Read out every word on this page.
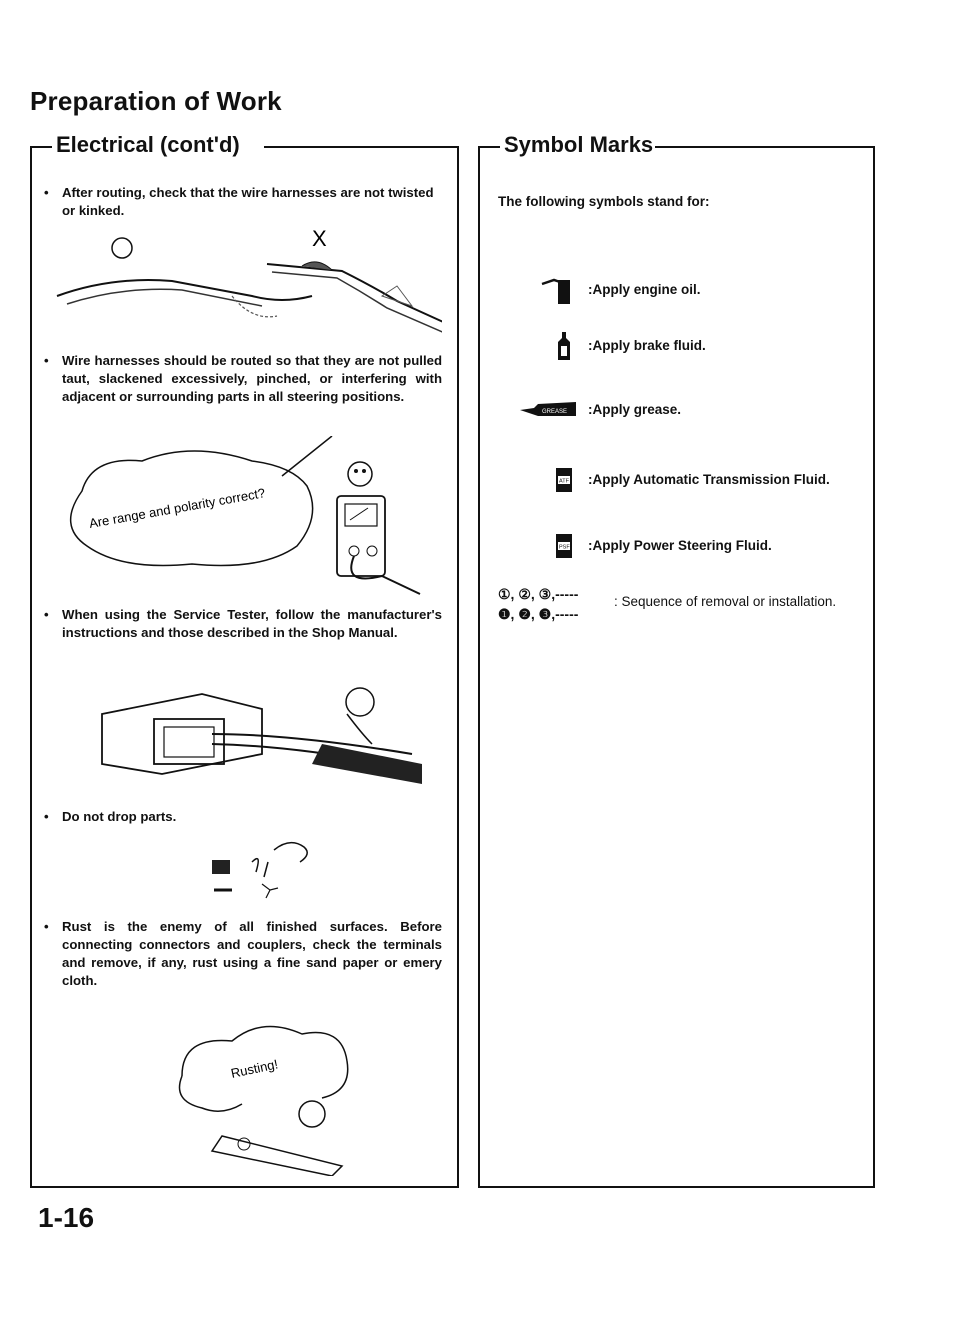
Preparation of Work
Electrical (cont'd)
• After routing, check that the wire harnesses are not twisted or kinked.
X
• Wire harnesses should be routed so that they are not pulled taut, slackened excessively, pinched, or interfering with adjacent or surrounding parts in all steering positions.
Are range and polarity correct?
• When using the Service Tester, follow the manufacturer's instructions and those described in the Shop Manual.
• Do not drop parts.
• Rust is the enemy of all finished surfaces. Before connecting connectors and couplers, check the terminals and remove, if any, rust using a fine sand paper or emery cloth.
Rusting!
Symbol Marks
The following symbols stand for:
:Apply engine oil.
:Apply brake fluid.
GREASE :Apply grease.
ATF :Apply Automatic Transmission Fluid.
PSF :Apply Power Steering Fluid.
①, ②, ③,-----
❶, ❷, ❸,-----
: Sequence of removal or installation.
1-16
